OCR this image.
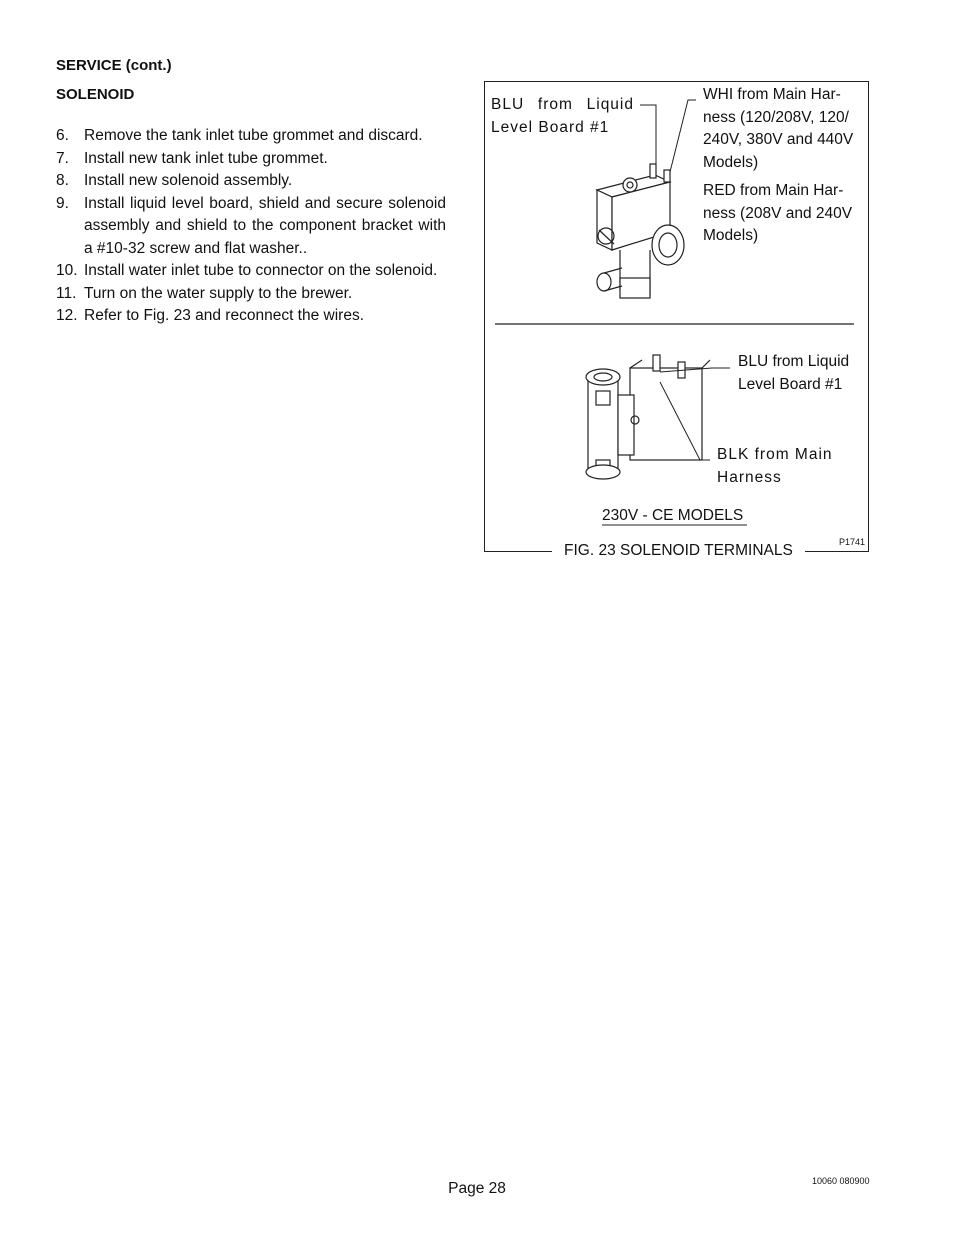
SERVICE (cont.)
SOLENOID
6. Remove the tank inlet tube grommet and discard.
7. Install new tank inlet tube grommet.
8. Install new solenoid assembly.
9. Install liquid level board, shield and secure solenoid assembly and shield to the component bracket with a #10-32 screw and flat washer..
10. Install water inlet tube to connector on the solenoid.
11. Turn on the water supply to the brewer.
12. Refer to Fig. 23 and reconnect the wires.
BLU from Liquid Level Board #1
WHI from Main Harness (120/208V, 120/ 240V, 380V and 440V Models)
RED from Main Harness (208V and 240V Models)
BLU from Liquid Level Board #1
BLK from Main Harness
230V - CE MODELS
P1741
FIG. 23 SOLENOID TERMINALS
Page 28	10060 080900
